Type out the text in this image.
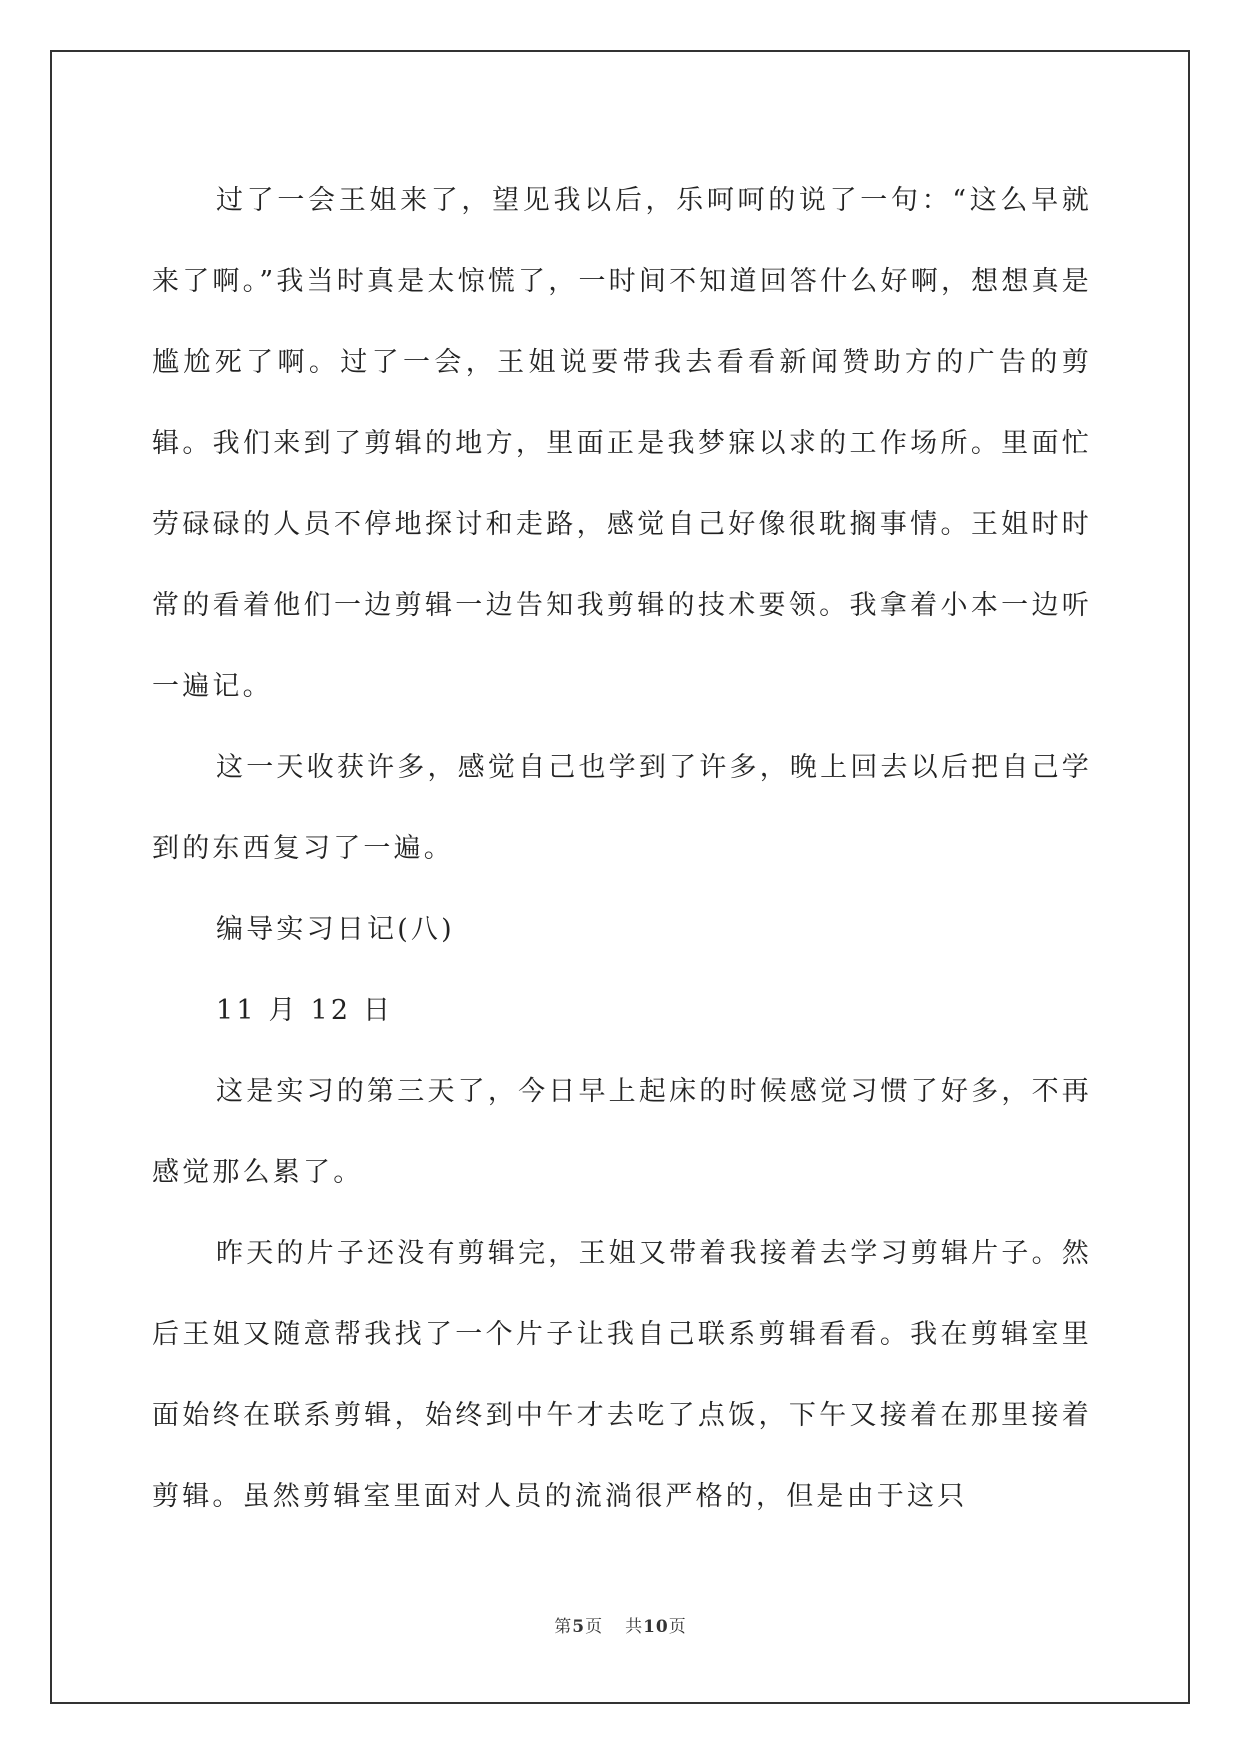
过了一会王姐来了，望见我以后，乐呵呵的说了一句：“这么早就来了啊。”我当时真是太惊慌了，一时间不知道回答什么好啊，想想真是尴尬死了啊。过了一会，王姐说要带我去看看新闻赞助方的广告的剪辑。我们来到了剪辑的地方，里面正是我梦寐以求的工作场所。里面忙劳碌碌的人员不停地探讨和走路，感觉自己好像很耽搁事情。王姐时时常的看着他们一边剪辑一边告知我剪辑的技术要领。我拿着小本一边听一遍记。

这一天收获许多，感觉自己也学到了许多，晚上回去以后把自己学到的东西复习了一遍。

编导实习日记(八)

11 月 12 日

这是实习的第三天了，今日早上起床的时候感觉习惯了好多，不再感觉那么累了。

昨天的片子还没有剪辑完，王姐又带着我接着去学习剪辑片子。然后王姐又随意帮我找了一个片子让我自己联系剪辑看看。我在剪辑室里面始终在联系剪辑，始终到中午才去吃了点饭，下午又接着在那里接着剪辑。虽然剪辑室里面对人员的流淌很严格的，但是由于这只

第5页 共10页
